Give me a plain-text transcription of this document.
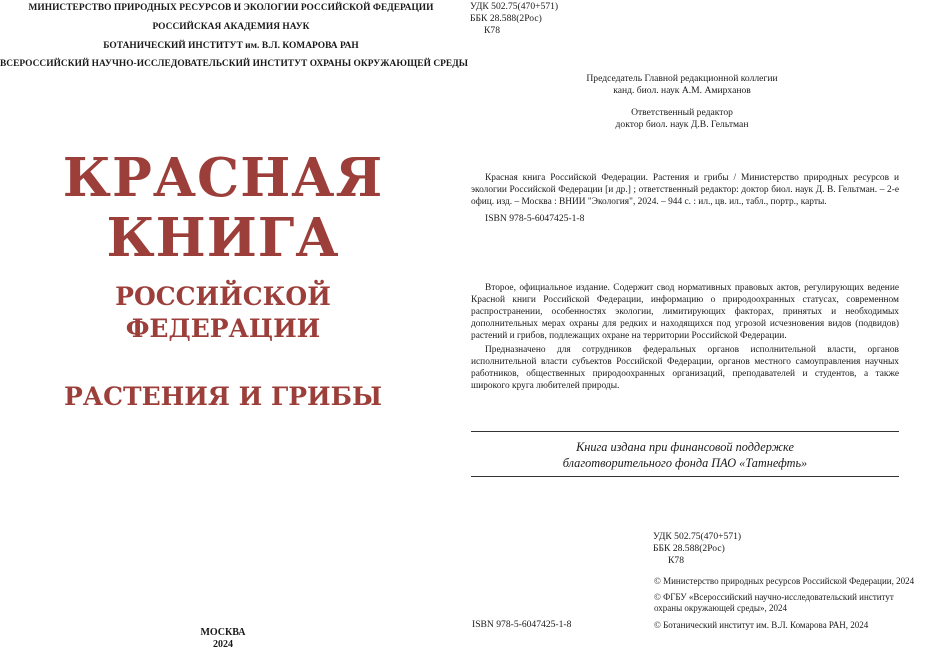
МИНИСТЕРСТВО ПРИРОДНЫХ РЕСУРСОВ И ЭКОЛОГИИ РОССИЙСКОЙ ФЕДЕРАЦИИ
РОССИЙСКАЯ АКАДЕМИЯ НАУК
БОТАНИЧЕСКИЙ ИНСТИТУТ им. В.Л. КОМАРОВА РАН
ВСЕРОССИЙСКИЙ НАУЧНО-ИССЛЕДОВАТЕЛЬСКИЙ ИНСТИТУТ ОХРАНЫ ОКРУЖАЮЩЕЙ СРЕДЫ
КРАСНАЯ
КНИГА
РОССИЙСКОЙ
ФЕДЕРАЦИИ
РАСТЕНИЯ И ГРИБЫ
МОСКВА
2024
УДК 502.75(470+571)
ББК 28.588(2Рос)
К78
Председатель Главной редакционной коллегии
канд. биол. наук А.М. Амирханов
Ответственный редактор
доктор биол. наук Д.В. Гельтман
Красная книга Российской Федерации. Растения и грибы / Министерство природных ресурсов и экологии Российской Федерации [и др.] ; ответственный редактор: доктор биол. наук Д. В. Гельтман. – 2-е офиц. изд. – Москва : ВНИИ "Экология", 2024. – 944 с. : ил., цв. ил., табл., портр., карты.
ISBN 978-5-6047425-1-8
Второе, официальное издание. Содержит свод нормативных правовых актов, регулирующих ведение Красной книги Российской Федерации, информацию о природоохранных статусах, современном распространении, особенностях экологии, лимитирующих факторах, принятых и необходимых дополнительных мерах охраны для редких и находящихся под угрозой исчезновения видов (подвидов) растений и грибов, подлежащих охране на территории Российской Федерации.
Предназначено для сотрудников федеральных органов исполнительной власти, органов исполнительной власти субъектов Российской Федерации, органов местного самоуправления научных работников, общественных природоохранных организаций, преподавателей и студентов, а также широкого круга любителей природы.
Книга издана при финансовой поддержке
благотворительного фонда ПАО «Татнефть»
УДК 502.75(470+571)
ББК 28.588(2Рос)
К78
© Министерство природных ресурсов Российской Федерации, 2024
© ФГБУ «Всероссийский научно-исследовательский институт охраны окружающей среды», 2024
© Ботанический институт им. В.Л. Комарова РАН, 2024
ISBN 978-5-6047425-1-8
